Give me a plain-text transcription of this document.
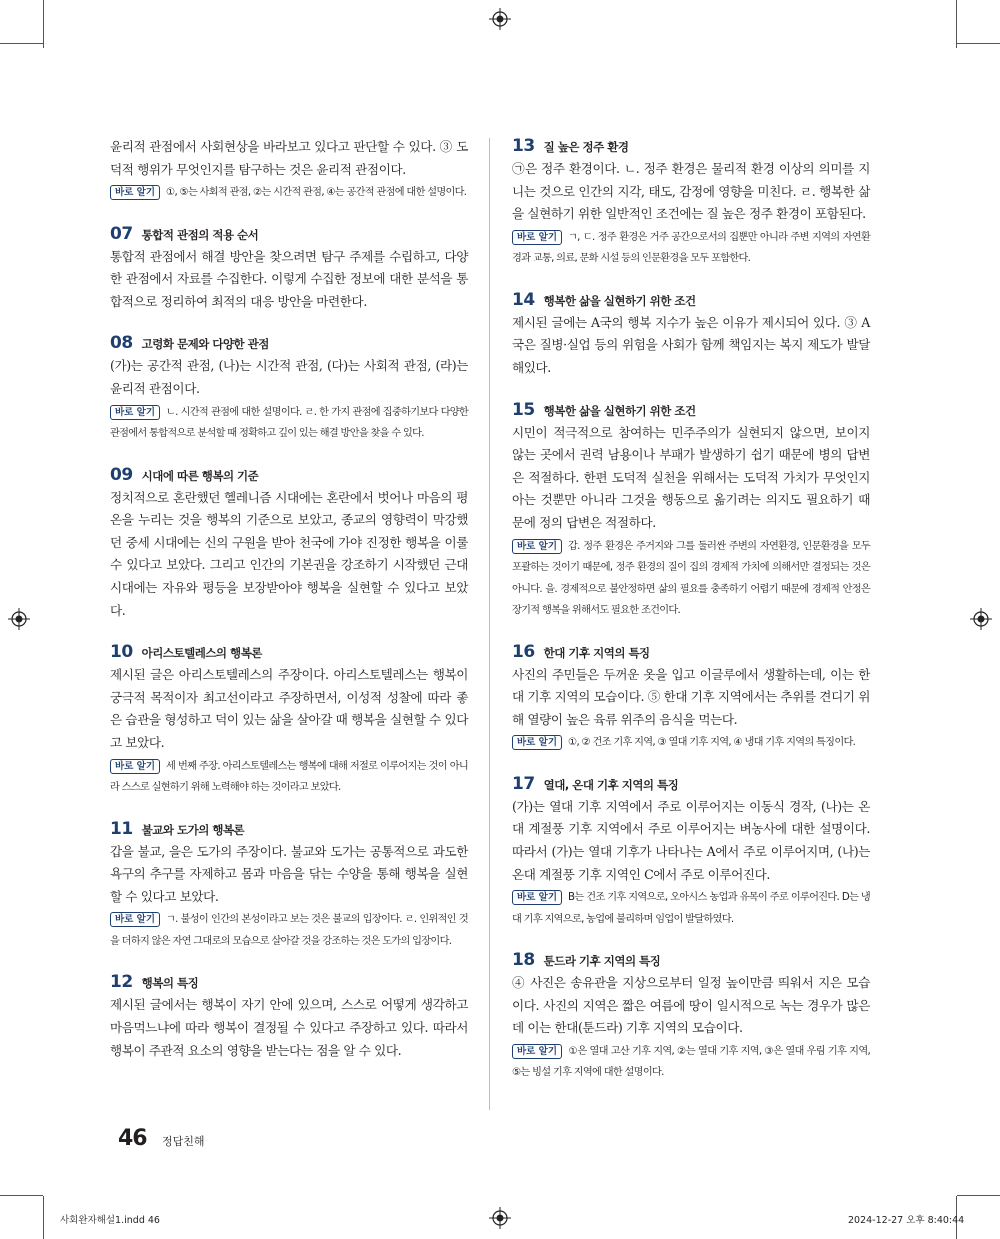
윤리적 관점에서 사회현상을 바라보고 있다고 판단할 수 있다. ③ 도덕적 행위가 무엇인지를 탐구하는 것은 윤리적 관점이다.

바로 알기 ①, ⑤는 사회적 관점, ②는 시간적 관점, ④는 공간적 관점에 대한 설명이다.

07 통합적 관점의 적용 순서

통합적 관점에서 해결 방안을 찾으려면 탐구 주제를 수립하고, 다양한 관점에서 자료를 수집한다. 이렇게 수집한 정보에 대한 분석을 통합적으로 정리하여 최적의 대응 방안을 마련한다.

08 고령화 문제와 다양한 관점

(가)는 공간적 관점, (나)는 시간적 관점, (다)는 사회적 관점, (라)는 윤리적 관점이다.

바로 알기 ㄴ. 시간적 관점에 대한 설명이다. ㄹ. 한 가지 관점에 집중하기보다 다양한 관점에서 통합적으로 분석할 때 정확하고 깊이 있는 해결 방안을 찾을 수 있다.

09 시대에 따른 행복의 기준

정치적으로 혼란했던 헬레니즘 시대에는 혼란에서 벗어나 마음의 평온을 누리는 것을 행복의 기준으로 보았고, 종교의 영향력이 막강했던 중세 시대에는 신의 구원을 받아 천국에 가야 진정한 행복을 이룰 수 있다고 보았다. 그리고 인간의 기본권을 강조하기 시작했던 근대 시대에는 자유와 평등을 보장받아야 행복을 실현할 수 있다고 보았다.

10 아리스토텔레스의 행복론

제시된 글은 아리스토텔레스의 주장이다. 아리스토텔레스는 행복이 궁극적 목적이자 최고선이라고 주장하면서, 이성적 성찰에 따라 좋은 습관을 형성하고 덕이 있는 삶을 살아갈 때 행복을 실현할 수 있다고 보았다.

바로 알기 세 번째 주장. 아리스토텔레스는 행복에 대해 저절로 이루어지는 것이 아니라 스스로 실현하기 위해 노력해야 하는 것이라고 보았다.

11 불교와 도가의 행복론

갑을 불교, 을은 도가의 주장이다. 불교와 도가는 공통적으로 과도한 욕구의 추구를 자제하고 몸과 마음을 닦는 수양을 통해 행복을 실현할 수 있다고 보았다.

바로 알기 ㄱ. 불성이 인간의 본성이라고 보는 것은 불교의 입장이다. ㄹ. 인위적인 것을 더하지 않은 자연 그대로의 모습으로 살아갈 것을 강조하는 것은 도가의 입장이다.

12 행복의 특징

제시된 글에서는 행복이 자기 안에 있으며, 스스로 어떻게 생각하고 마음먹느냐에 따라 행복이 결정될 수 있다고 주장하고 있다. 따라서 행복이 주관적 요소의 영향을 받는다는 점을 알 수 있다.

13 질 높은 정주 환경

㉠은 정주 환경이다. ㄴ. 정주 환경은 물리적 환경 이상의 의미를 지니는 것으로 인간의 지각, 태도, 감정에 영향을 미친다. ㄹ. 행복한 삶을 실현하기 위한 일반적인 조건에는 질 높은 정주 환경이 포함된다.

바로 알기 ㄱ, ㄷ. 정주 환경은 거주 공간으로서의 집뿐만 아니라 주변 지역의 자연환경과 교통, 의료, 문화 시설 등의 인문환경을 모두 포함한다.

14 행복한 삶을 실현하기 위한 조건

제시된 글에는 A국의 행복 지수가 높은 이유가 제시되어 있다. ③ A국은 질병·실업 등의 위험을 사회가 함께 책임지는 복지 제도가 발달해있다.

15 행복한 삶을 실현하기 위한 조건

시민이 적극적으로 참여하는 민주주의가 실현되지 않으면, 보이지 않는 곳에서 권력 남용이나 부패가 발생하기 쉽기 때문에 병의 답변은 적절하다. 한편 도덕적 실천을 위해서는 도덕적 가치가 무엇인지 아는 것뿐만 아니라 그것을 행동으로 옮기려는 의지도 필요하기 때문에 정의 답변은 적절하다.

바로 알기 갑. 정주 환경은 주거지와 그를 둘러싼 주변의 자연환경, 인문환경을 모두 포괄하는 것이기 때문에, 정주 환경의 질이 집의 경제적 가치에 의해서만 결정되는 것은 아니다. 을. 경제적으로 불안정하면 삶의 필요를 충족하기 어렵기 때문에 경제적 안정은 장기적 행복을 위해서도 필요한 조건이다.

16 한대 기후 지역의 특징

사진의 주민들은 두꺼운 옷을 입고 이글루에서 생활하는데, 이는 한대 기후 지역의 모습이다. ⑤ 한대 기후 지역에서는 추위를 견디기 위해 열량이 높은 육류 위주의 음식을 먹는다.

바로 알기 ①, ② 건조 기후 지역, ③ 열대 기후 지역, ④ 냉대 기후 지역의 특징이다.

17 열대, 온대 기후 지역의 특징

(가)는 열대 기후 지역에서 주로 이루어지는 이동식 경작, (나)는 온대 계절풍 기후 지역에서 주로 이루어지는 벼농사에 대한 설명이다. 따라서 (가)는 열대 기후가 나타나는 A에서 주로 이루어지며, (나)는 온대 계절풍 기후 지역인 C에서 주로 이루어진다.

바로 알기 B는 건조 기후 지역으로, 오아시스 농업과 유목이 주로 이루어진다. D는 냉대 기후 지역으로, 농업에 불리하며 임업이 발달하였다.

18 툰드라 기후 지역의 특징

④ 사진은 송유관을 지상으로부터 일정 높이만큼 띄워서 지은 모습이다. 사진의 지역은 짧은 여름에 땅이 일시적으로 녹는 경우가 많은데 이는 한대(툰드라) 기후 지역의 모습이다.

바로 알기 ①은 열대 고산 기후 지역, ②는 열대 기후 지역, ③은 열대 우림 기후 지역, ⑤는 빙설 기후 지역에 대한 설명이다.

46 정답친해
사회완자해설1.indd 46	2024-12-27 오후 8:40:44
